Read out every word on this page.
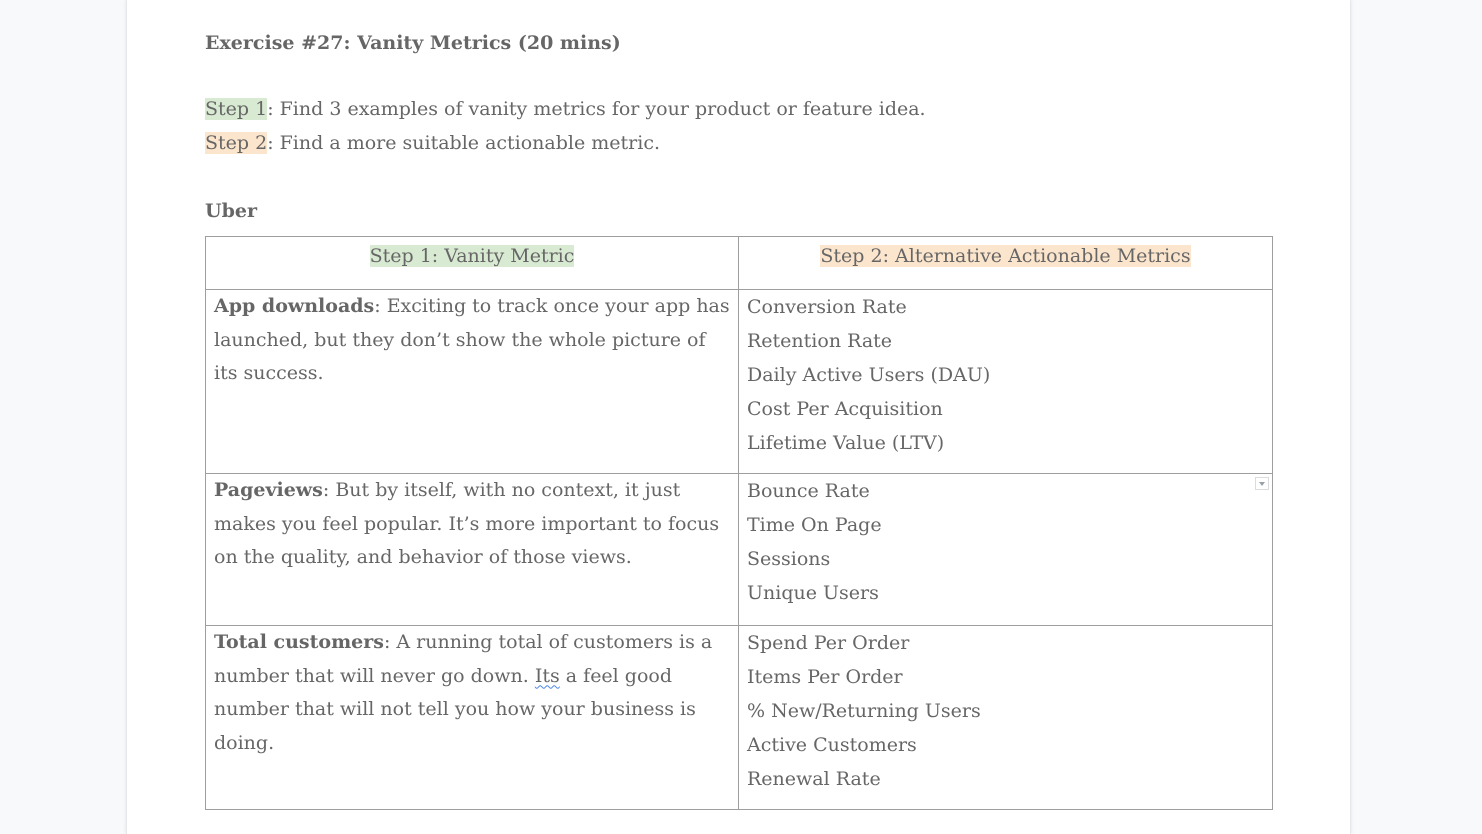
Exercise #27: Vanity Metrics (20 mins)
Step 1: Find 3 examples of vanity metrics for your product or feature idea.
Step 2: Find a more suitable actionable metric.
Uber
Step 1: Vanity Metric	Step 2: Alternative Actionable Metrics

App downloads: Exciting to track once your app has launched, but they don’t show the whole picture of its success.	Conversion Rate
Retention Rate
Daily Active Users (DAU)
Cost Per Acquisition
Lifetime Value (LTV)

Pageviews: But by itself, with no context, it just makes you feel popular. It’s more important to focus on the quality, and behavior of those views.	Bounce Rate
Time On Page
Sessions
Unique Users

Total customers: A running total of customers is a number that will never go down. Its a feel good number that will not tell you how your business is doing.	Spend Per Order
Items Per Order
% New/Returning Users
Active Customers
Renewal Rate
